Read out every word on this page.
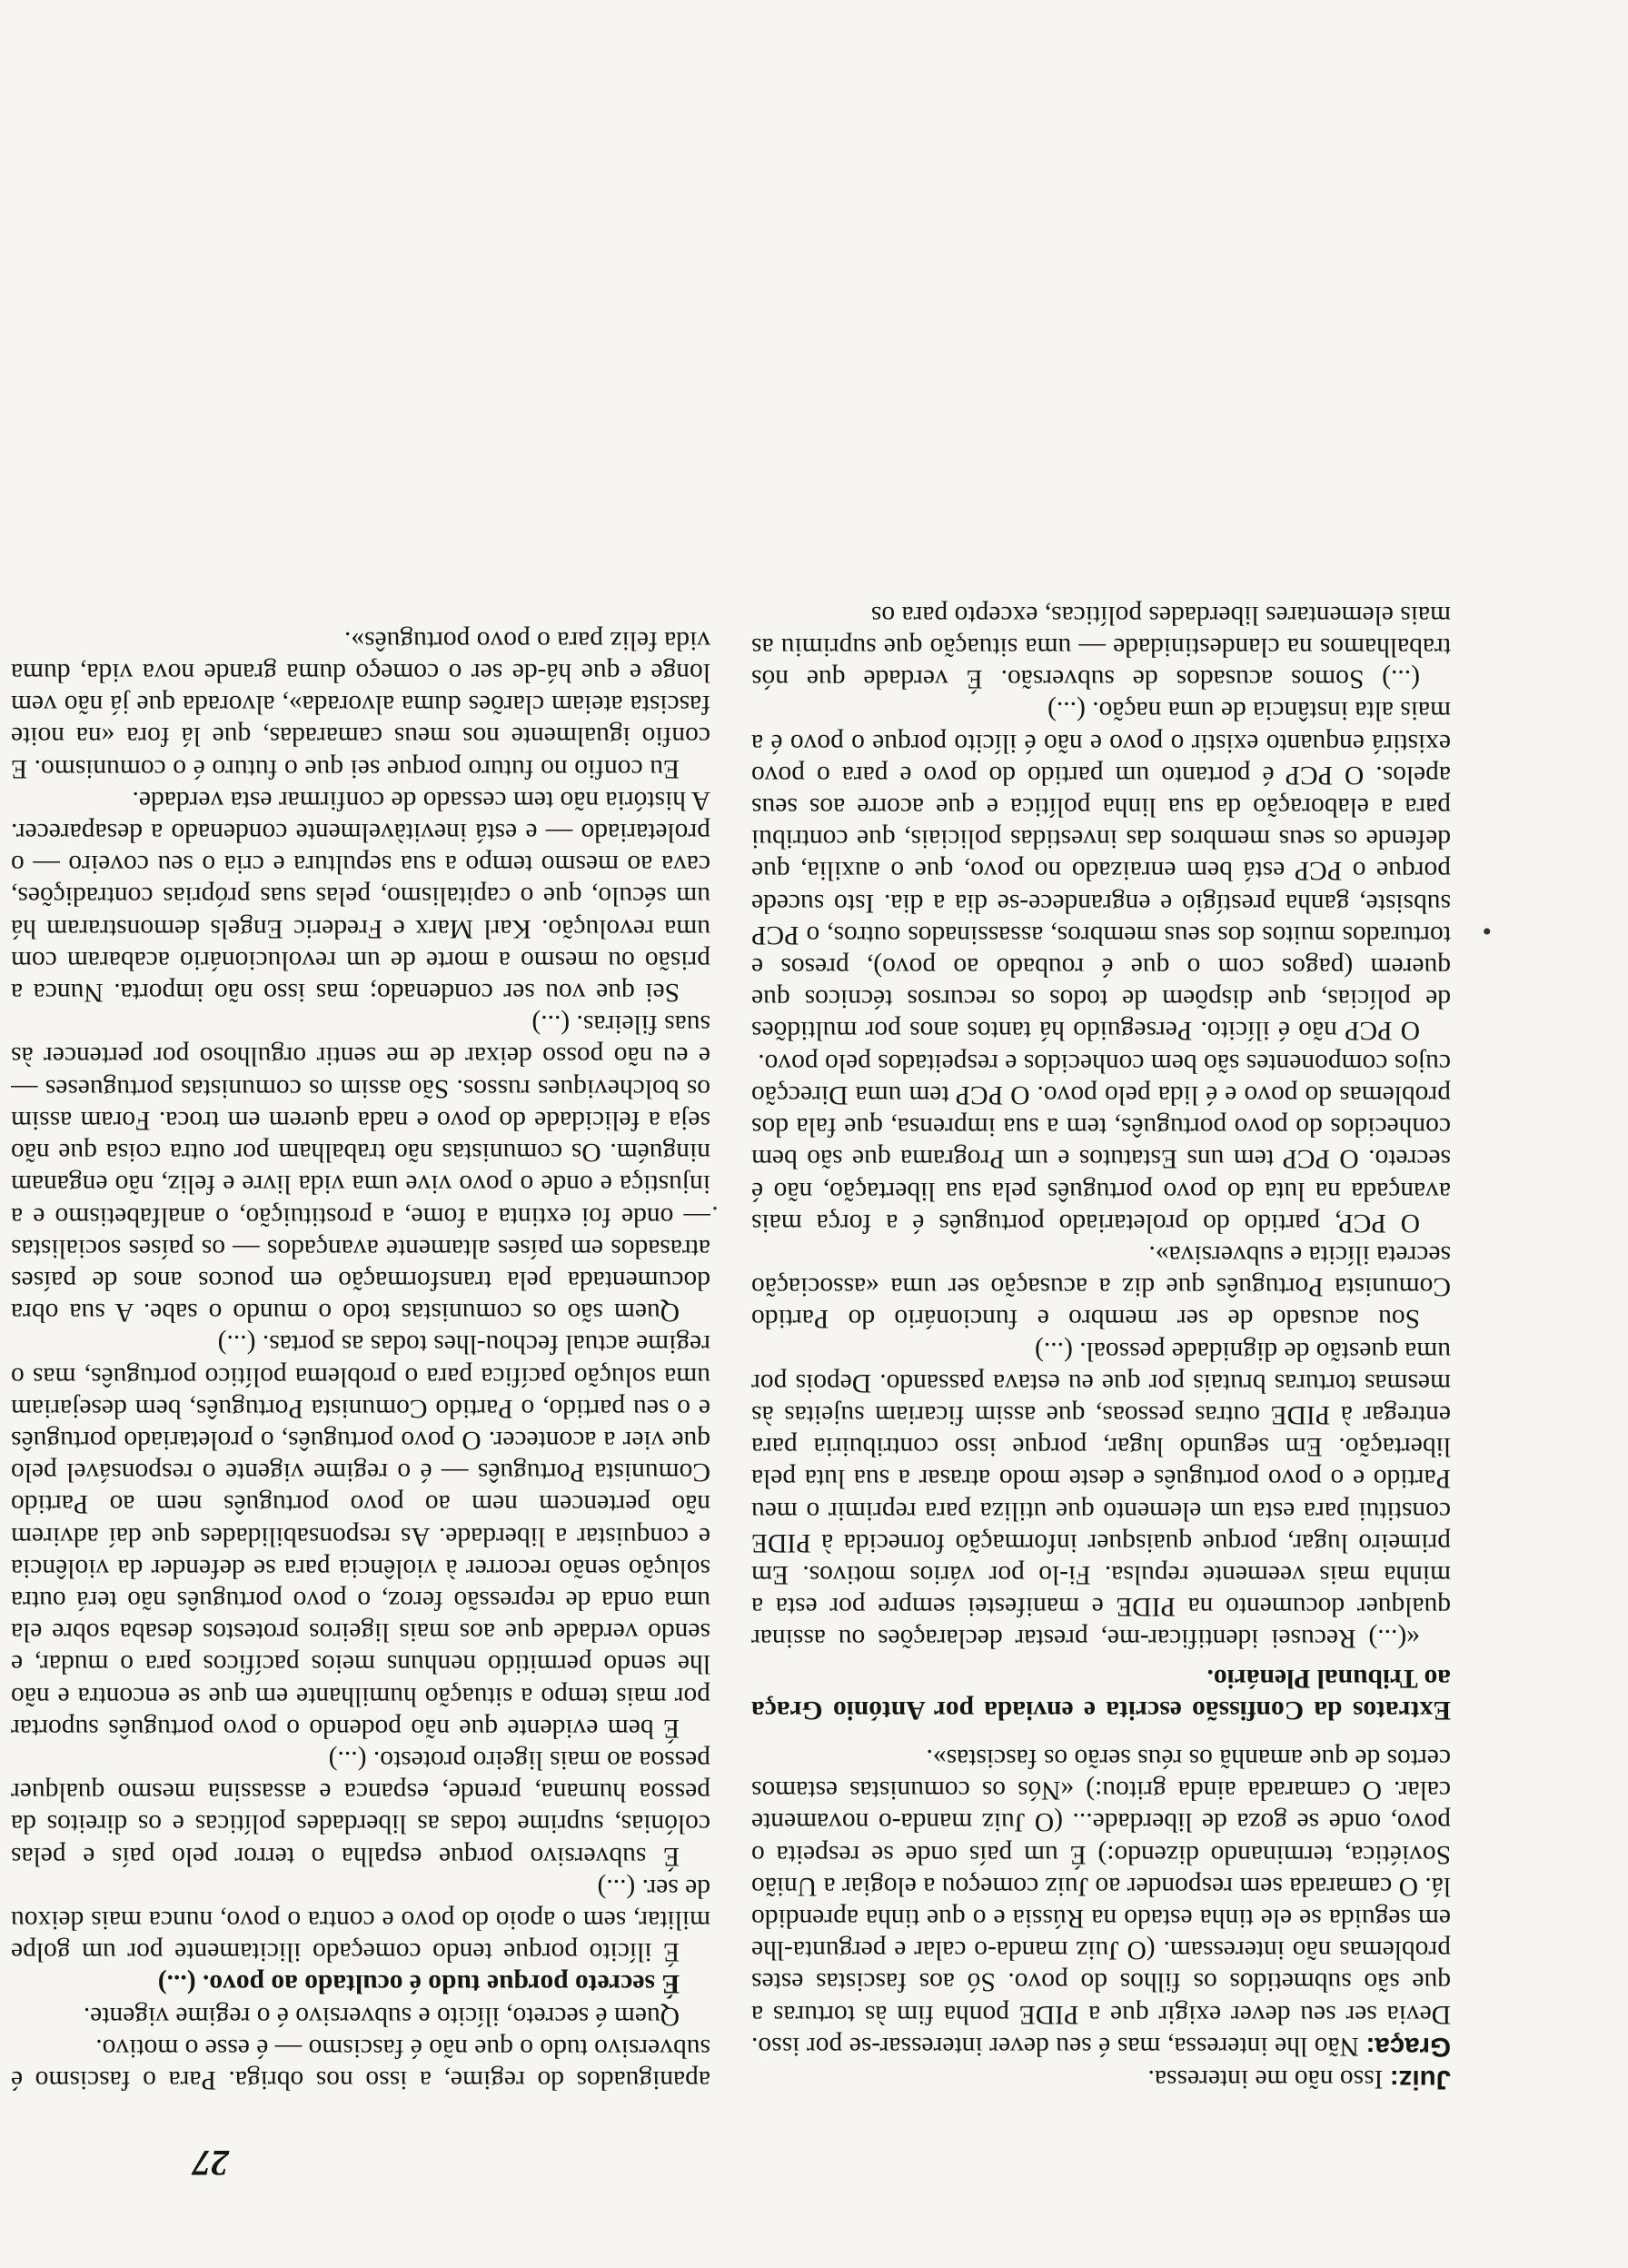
27

Juiz: Isso não me interessa.

Graça: Não lhe interessa, mas é seu dever interessar-se por isso. Devia ser seu dever exigir que a PIDE ponha fim às torturas a que são submetidos os filhos do povo. Só aos fascistas estes problemas não interessam. (O Juiz manda-o calar e pergunta-lhe em seguida se ele tinha estado na Rússia e o que tinha aprendido lá. O camarada sem responder ao Juiz começou a elogiar a União Soviética, terminando dizendo:) É um país onde se respeita o povo, onde se goza de liberdade... (O Juiz manda-o novamente calar. O camarada ainda gritou:) «Nós os comunistas estamos certos de que amanhã os réus serão os fascistas».

Extratos da Confissão escrita e enviada por António Graça ao Tribunal Plenário.

«(...) Recusei identificar-me, prestar declarações ou assinar qualquer documento na PIDE e manifestei sempre por esta a minha mais veemente repulsa. Fi-lo por vários motivos. Em primeiro lugar, porque quaisquer informação fornecida à PIDE constitui para esta um elemento que utiliza para reprimir o meu Partido e o povo português e deste modo atrasar a sua luta pela libertação. Em segundo lugar, porque isso contribuiria para entregar à PIDE outras pessoas, que assim ficariam sujeitas às mesmas torturas brutais por que eu estava passando. Depois por uma questão de dignidade pessoal. (...)

Sou acusado de ser membro e funcionário do Partido Comunista Português que diz a acusação ser uma «associação secreta ilícita e subversiva».

O PCP, partido do proletariado português é a força mais avançada na luta do povo português pela sua libertação, não é secreto. O PCP tem uns Estatutos e um Programa que são bem conhecidos do povo português, tem a sua imprensa, que fala dos problemas do povo e é lida pelo povo. O PCP tem uma Direcção cujos componentes são bem conhecidos e respeitados pelo povo.

O PCP não é ilícito. Perseguido há tantos anos por multidões de polícias, que dispõem de todos os recursos técnicos que querem (pagos com o que é roubado ao povo), presos e torturados muitos dos seus membros, assassinados outros, o PCP subsiste, ganha prestígio e engrandece-se dia a dia. Isto sucede porque o PCP está bem enraizado no povo, que o auxilia, que defende os seus membros das investidas policiais, que contribui para a elaboração da sua linha política e que acorre aos seus apelos. O PCP é portanto um partido do povo e para o povo existirá enquanto existir o povo e não é ilícito porque o povo é a mais alta instância de uma nação. (...)

(...) Somos acusados de subversão. É verdade que nós trabalhamos na clandestinidade — uma situação que suprimiu as mais elementares liberdades políticas, excepto para os

apaniguados do regime, a isso nos obriga. Para o fascismo é subversivo tudo o que não é fascismo — é esse o motivo.

Quem é secreto, ilícito e subversivo é o regime vigente.

É secreto porque tudo é ocultado ao povo. (...)

É ilícito porque tendo começado ilicitamente por um golpe militar, sem o apoio do povo e contra o povo, nunca mais deixou de ser. (...)

É subversivo porque espalha o terror pelo país e pelas colónias, suprime todas as liberdades políticas e os direitos da pessoa humana, prende, espanca e assassina mesmo qualquer pessoa ao mais ligeiro protesto. (...)

É bem evidente que não podendo o povo português suportar por mais tempo a situação humilhante em que se encontra e não lhe sendo permitido nenhuns meios pacíficos para o mudar, e sendo verdade que aos mais ligeiros protestos desaba sobre ela uma onda de repressão feroz, o povo português não terá outra solução senão recorrer à violência para se defender da violência e conquistar a liberdade. As responsabilidades que daí advirem não pertencem nem ao povo português nem ao Partido Comunista Português — é o regime vigente o responsável pelo que vier a acontecer. O povo português, o proletariado português e o seu partido, o Partido Comunista Português, bem desejariam uma solução pacífica para o problema político português, mas o regime actual fechou-lhes todas as portas. (...)

Quem são os comunistas todo o mundo o sabe. A sua obra documentada pela transformação em poucos anos de países atrasados em países altamente avançados — os países socialistas — onde foi extinta a fome, a prostituição, o analfabetismo e a injustiça e onde o povo vive uma vida livre e feliz, não enganam ninguém. Os comunistas não trabalham por outra coisa que não seja a felicidade do povo e nada querem em troca. Foram assim os bolcheviques russos. São assim os comunistas portugueses — e eu não posso deixar de me sentir orgulhoso por pertencer às suas fileiras. (...)

Sei que vou ser condenado; mas isso não importa. Nunca a prisão ou mesmo a morte de um revolucionário acabaram com uma revolução. Karl Marx e Frederic Engels demonstraram há um século, que o capitalismo, pelas suas próprias contradições, cava ao mesmo tempo a sua sepultura e cria o seu coveiro — o proletariado — e está inevitàvelmente condenado a desaparecer. A história não tem cessado de confirmar esta verdade.

Eu confio no futuro porque sei que o futuro é o comunismo. E confio igualmente nos meus camaradas, que lá fora «na noite fascista ateiam clarões duma alvorada», alvorada que já não vem longe e que há-de ser o começo duma grande nova vida, duma vida feliz para o povo português».

•
·
